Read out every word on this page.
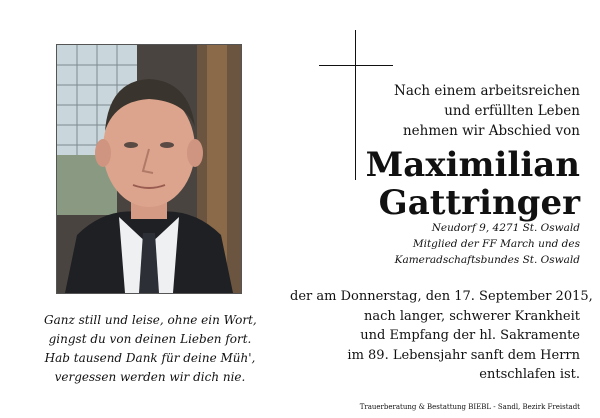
Ganz still und leise, ohne ein Wort,
gingst du von deinen Lieben fort.
Hab tausend Dank für deine Müh',
vergessen werden wir dich nie.
Nach einem arbeitsreichen
und erfüllten Leben
nehmen wir Abschied von
Maximilian
Gattringer
Neudorf 9, 4271 St. Oswald
Mitglied der FF March und des
Kameradschaftsbundes St. Oswald
der am Donnerstag, den 17. September 2015,
nach langer, schwerer Krankheit
und Empfang der hl. Sakramente
im 89. Lebensjahr sanft dem Herrn
entschlafen ist.
Trauerberatung & Bestattung BIEBL - Sandl, Bezirk Freistadt
